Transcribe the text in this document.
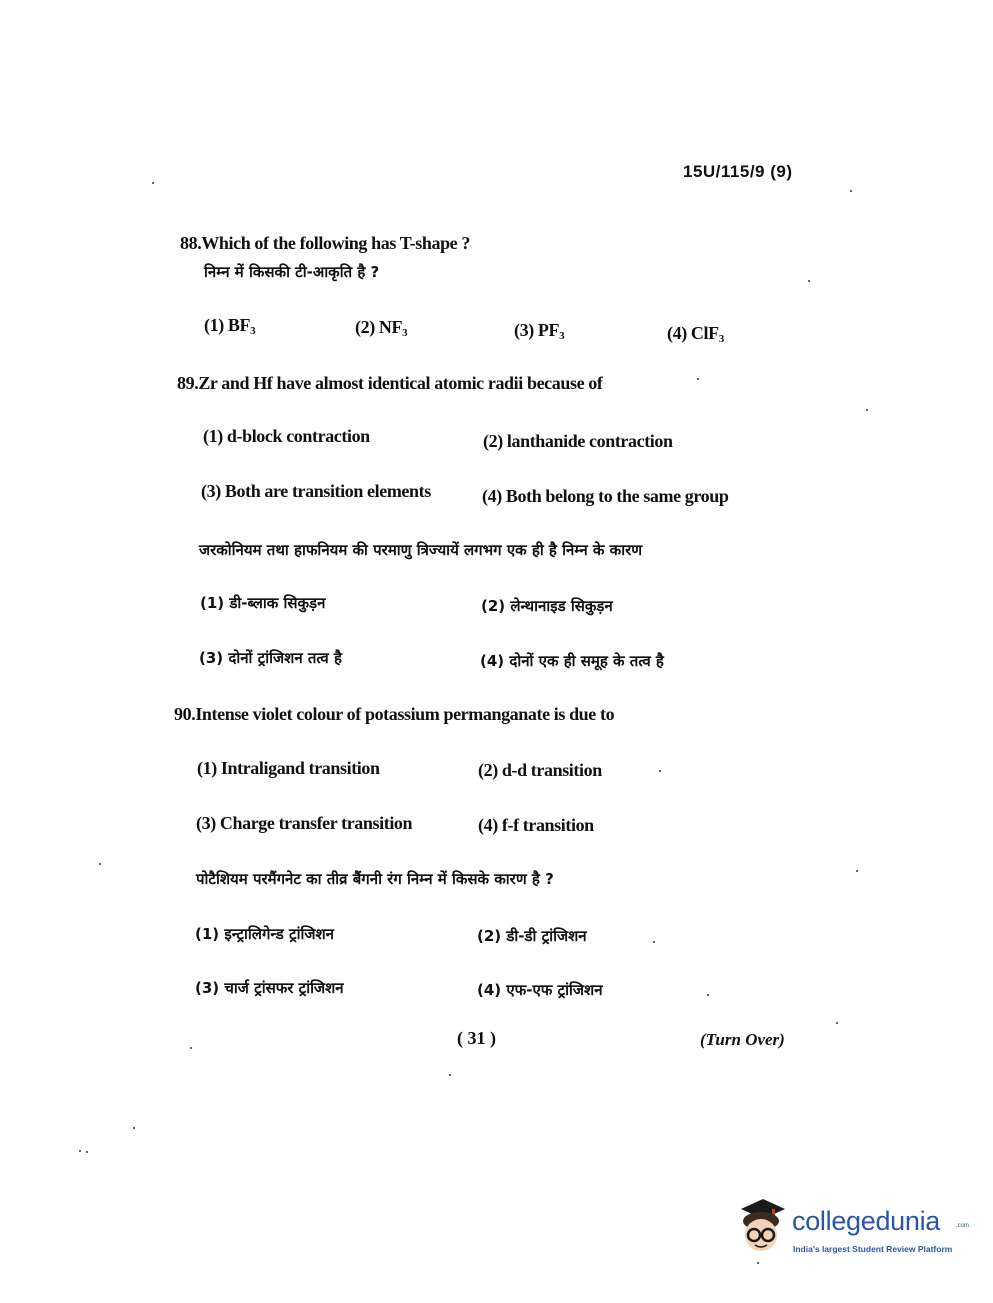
15U/115/9 (9)
88.Which of the following has T-shape ?
निम्न में किसकी टी-आकृति है ?
(1) $BF_3$	(2) $NF_3$	(3) $PF_3$	(4) ClF$_3$
89.Zr and Hf have almost identical atomic radii because of
(1) d-block contraction	(2) lanthanide contraction
(3) Both are transition elements	(4) Both belong to the same group
जरकोनियम तथा हाफनियम की परमाणु त्रिज्यायें लगभग एक ही है निम्न के कारण
(1) डी-ब्लाक सिकुड़न	(2) लेन्थानाइड सिकुड़न
(3) दोनों ट्रांजिशन तत्व है	(4) दोनों एक ही समूह के तत्व है
90.Intense violet colour of potassium permanganate is due to
(1) Intraligand transition	(2) d-d transition
(3) Charge transfer transition	(4) f-f transition
पोटैशियम परमैंगनेट का तीव्र बैंगनी रंग निम्न में किसके कारण है ?
(1) इन्ट्रालिगेन्ड ट्रांजिशन	(2) डी-डी ट्रांजिशन
(3) चार्ज ट्रांसफर ट्रांजिशन	(4) एफ-एफ ट्रांजिशन
( 31 )	(Turn Over)
collegedunia	.com
India's largest Student Review Platform
